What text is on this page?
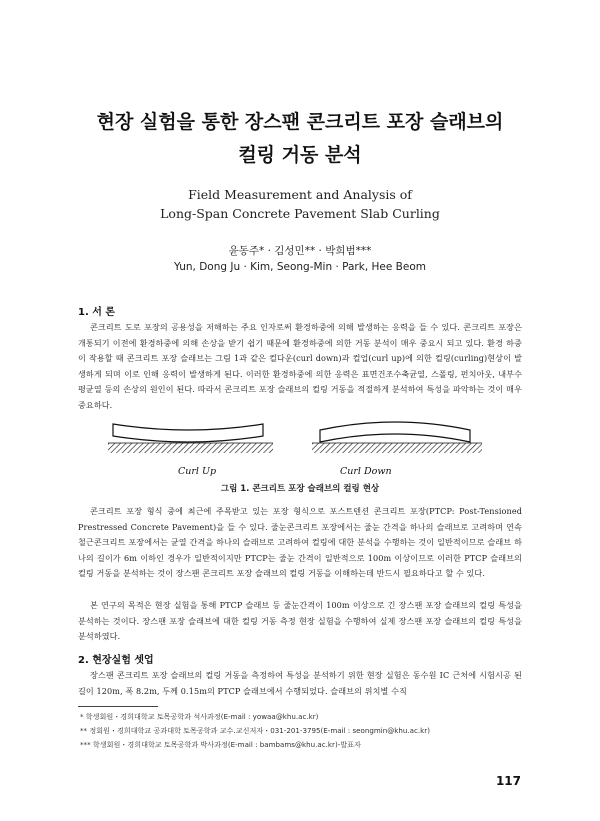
현장 실험을 통한 장스팬 콘크리트 포장 슬래브의
컬링 거동 분석
Field Measurement and Analysis of
Long-Span Concrete Pavement Slab Curling
윤동주* · 김성민** · 박희범***
Yun, Dong Ju · Kim, Seong-Min · Park, Hee Beom
1. 서 론

콘크리트 도로 포장의 공용성을 저해하는 주요 인자로써 환경하중에 의해 발생하는 응력을 들 수 있다. 콘크리트 포장은 개통되기 이전에 환경하중에 의해 손상을 받기 쉽기 때문에 환경하중에 의한 거동 분석이 매우 중요시 되고 있다. 환경 하중이 작용할 때 콘크리트 포장 슬래브는 그림 1과 같은 컬다운(curl down)과 컬업(curl up)에 의한 컬링(curling)현상이 발생하게 되며 이로 인해 응력이 발생하게 된다. 이러한 환경하중에 의한 응력은 표면건조수축균열, 스폴링, 펀치아웃, 내부수평균열 등의 손상의 원인이 된다. 따라서 콘크리트 포장 슬래브의 컬링 거동을 적절하게 분석하여 특성을 파악하는 것이 매우 중요하다.

Curl Up	Curl Down
그림 1. 콘크리트 포장 슬래브의 컬링 현상

콘크리트 포장 형식 중에 최근에 주목받고 있는 포장 형식으로 포스트텐션 콘크리트 포장(PTCP: Post-Tensioned Prestressed Concrete Pavement)을 들 수 있다. 줄눈콘크리트 포장에서는 줄눈 간격을 하나의 슬래브로 고려하며 연속철근콘크리트 포장에서는 균열 간격을 하나의 슬래브로 고려하여 컬링에 대한 분석을 수행하는 것이 일반적이므로 슬래브 하나의 길이가 6m 이하인 경우가 일반적이지만 PTCP는 줄눈 간격이 일반적으로 100m 이상이므로 이러한 PTCP 슬래브의 컬링 거동을 분석하는 것이 장스팬 콘크리트 포장 슬래브의 컬링 거동을 이해하는데 반드시 필요하다고 할 수 있다.

본 연구의 목적은 현장 실험을 통해 PTCP 슬래브 등 줄눈간격이 100m 이상으로 긴 장스팬 포장 슬래브의 컬링 특성을 분석하는 것이다. 장스팬 포장 슬래브에 대한 컬링 거동 측정 현장 실험을 수행하여 실제 장스팬 포장 슬래브의 컬링 특성을 분석하였다.

2. 현장실험 셋업

장스팬 콘크리트 포장 슬래브의 컬링 거동을 측정하여 특성을 분석하기 위한 현장 실험은 동수원 IC 근처에 시험시공 된 길이 120m, 폭 8.2m, 두께 0.15m의 PTCP 슬래브에서 수행되었다. 슬래브의 위치별 수직

* 학생회원・경희대학교 토목공학과 석사과정(E-mail : yowaa@khu.ac.kr)
** 정회원・경희대학교 공과대학 토목공학과 교수․교신저자・031-201-3795(E-mail : seongmin@khu.ac.kr)
*** 학생회원・경희대학교 토목공학과 박사과정(E-mail : bambams@khu.ac.kr)-발표자
117
